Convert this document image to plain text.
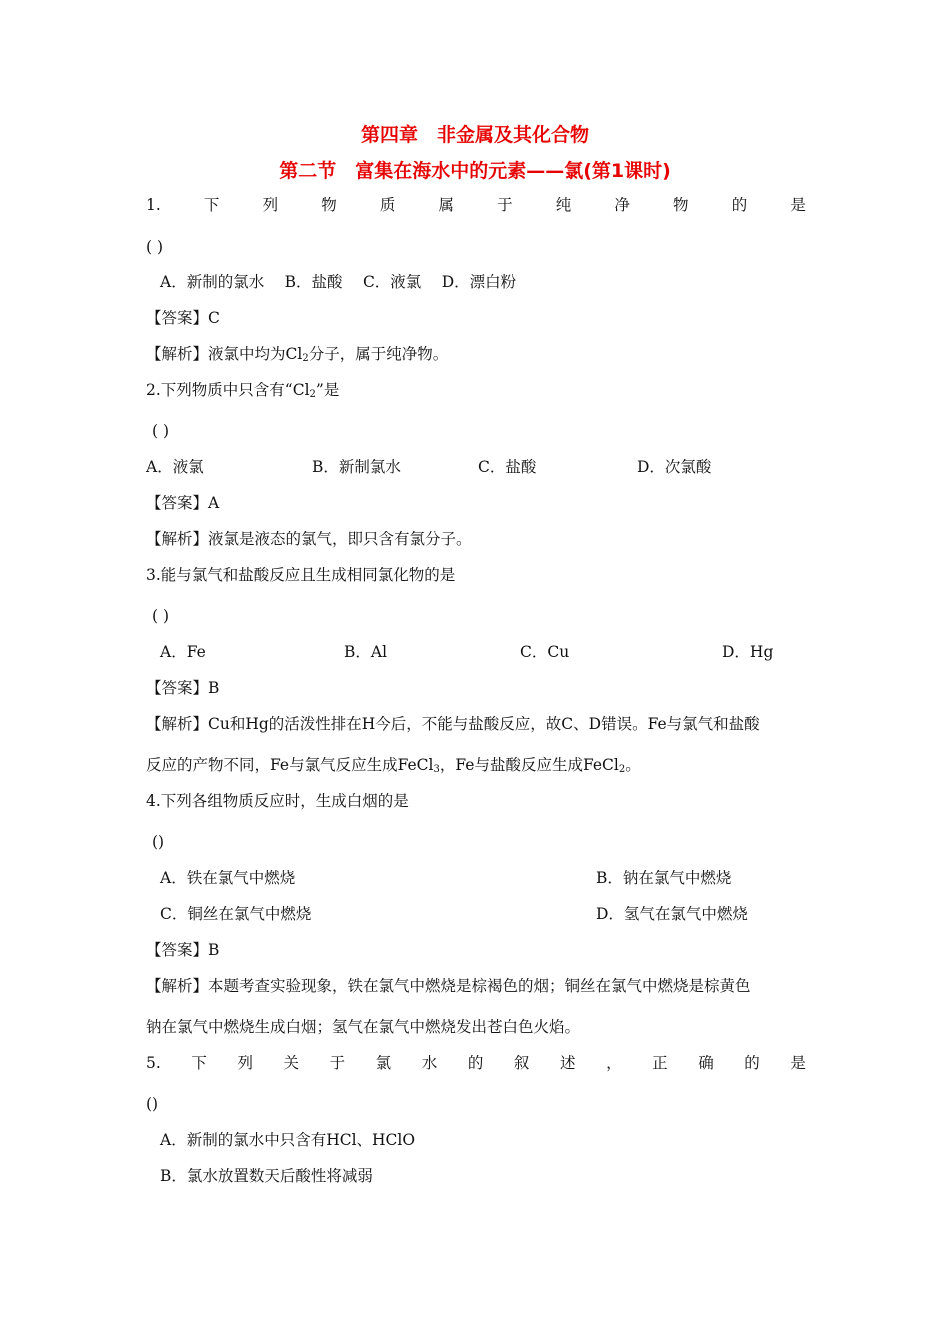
第四章　非金属及其化合物
第二节　富集在海水中的元素——氯(第1课时)
1.	下	列	物	质	属	于	纯	净	物	的	是
( )
A．新制的氯水　 B．盐酸　 C．液氯　 D．漂白粉
【答案】C
【解析】液氯中均为$Cl_2$分子，属于纯净物。
2.下列物质中只含有“$Cl_2$”是
( )
A．液氯	B．新制氯水	C．盐酸	D．次氯酸
【答案】A
【解析】液氯是液态的氯气，即只含有氯分子。
3.能与氯气和盐酸反应且生成相同氯化物的是
( )
A．Fe	B．Al	C．Cu	D．Hg
【答案】B
【解析】Cu和Hg的活泼性排在H今后，不能与盐酸反应，故C、D错误。Fe与氯气和盐酸
反应的产物不同，Fe与氯气反应生成FeCl$_3$，Fe与盐酸反应生成FeCl$_2$。
4.下列各组物质反应时，生成白烟的是
()
A．铁在氯气中燃烧	B．钠在氯气中燃烧
C．铜丝在氯气中燃烧	D．氢气在氯气中燃烧
【答案】B
【解析】本题考查实验现象，铁在氯气中燃烧是棕褐色的烟；铜丝在氯气中燃烧是棕黄色
钠在氯气中燃烧生成白烟；氢气在氯气中燃烧发出苍白色火焰。
5. 下 列 关 于 氯 水 的 叙 述 ， 正 确 的 是
()
A．新制的氯水中只含有HCl、HClO
B．氯水放置数天后酸性将减弱
